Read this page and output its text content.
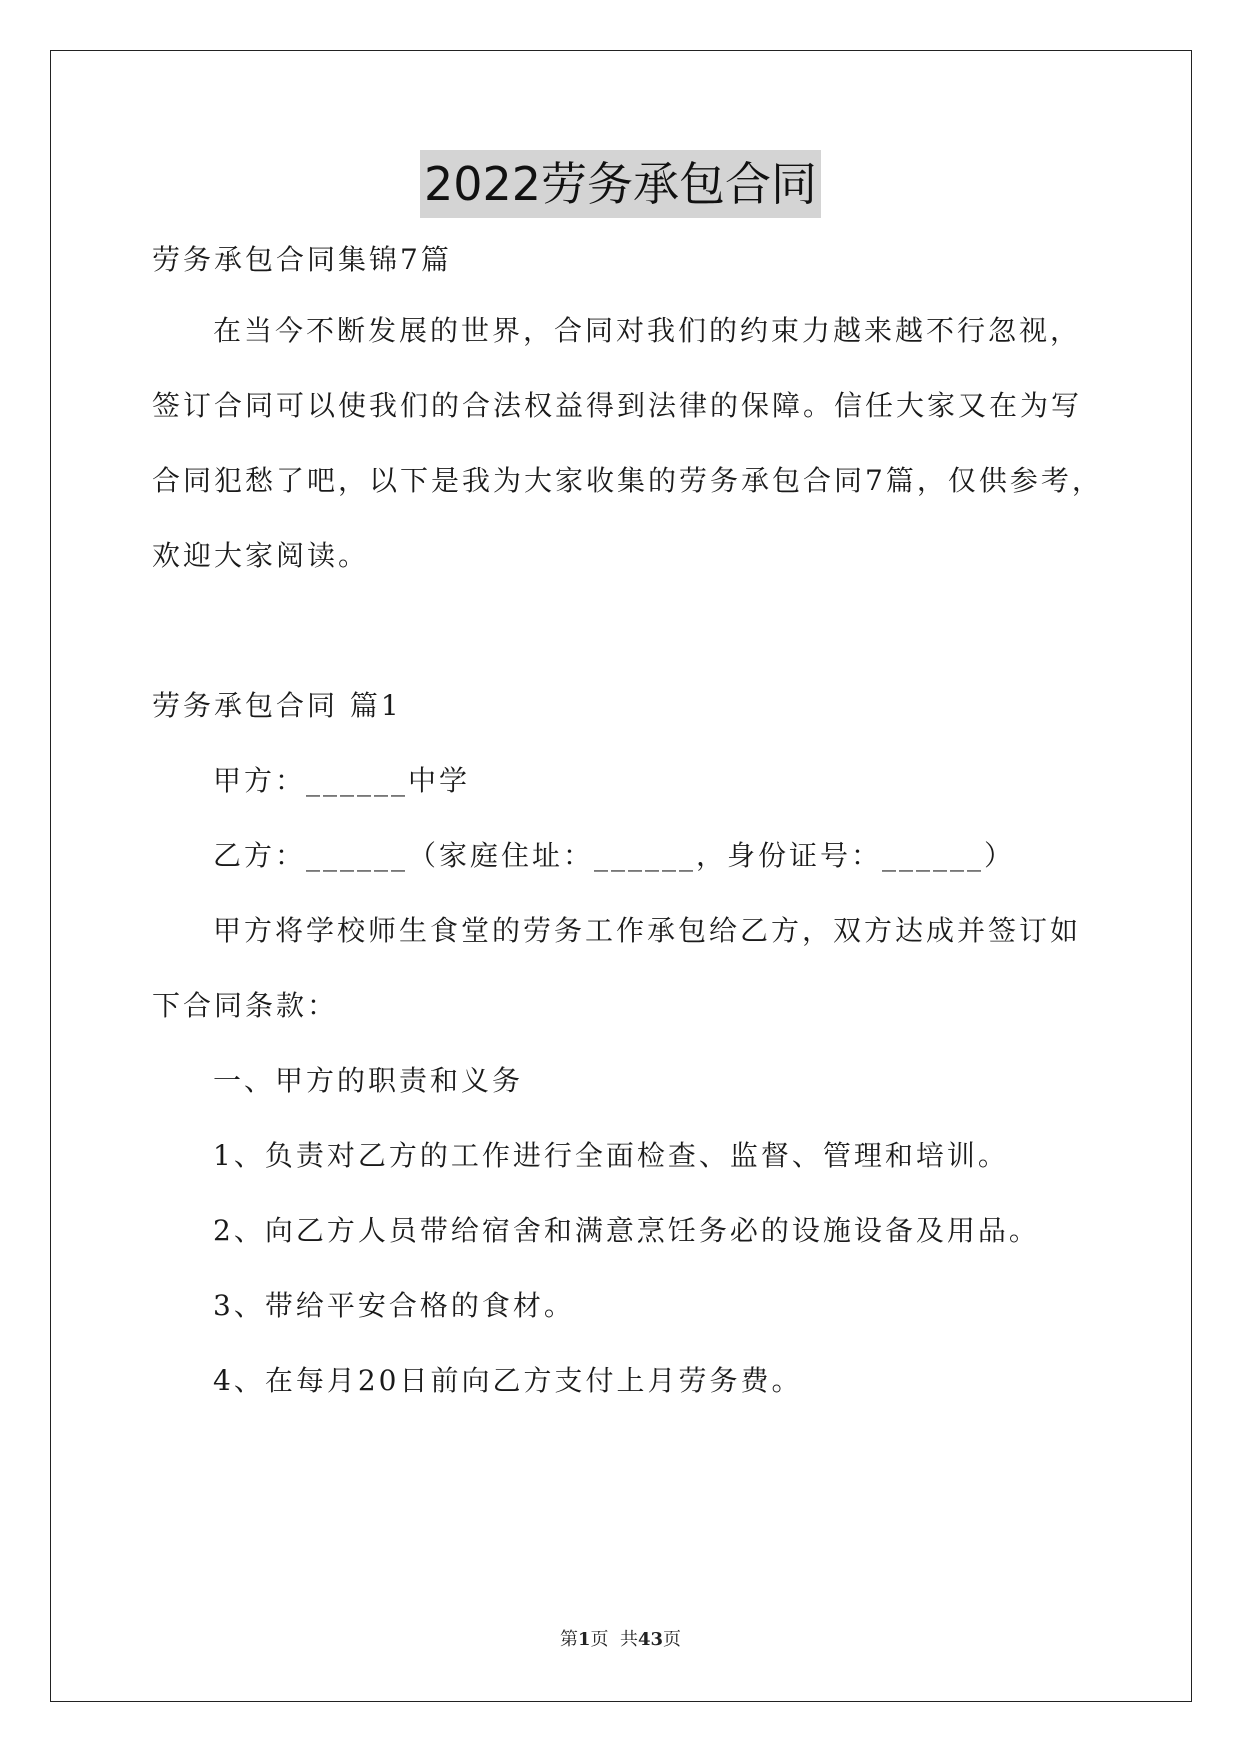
2022劳务承包合同
劳务承包合同集锦7篇
在当今不断发展的世界，合同对我们的约束力越来越不行忽视，
签订合同可以使我们的合法权益得到法律的保障。信任大家又在为写
合同犯愁了吧，以下是我为大家收集的劳务承包合同7篇，仅供参考，
欢迎大家阅读。
劳务承包合同 篇1
甲方：______中学
乙方：______（家庭住址：______，身份证号：______）
甲方将学校师生食堂的劳务工作承包给乙方，双方达成并签订如
下合同条款：
一、甲方的职责和义务
1、负责对乙方的工作进行全面检查、监督、管理和培训。
2、向乙方人员带给宿舍和满意烹饪务必的设施设备及用品。
3、带给平安合格的食材。
4、在每月20日前向乙方支付上月劳务费。
第1页  共43页
